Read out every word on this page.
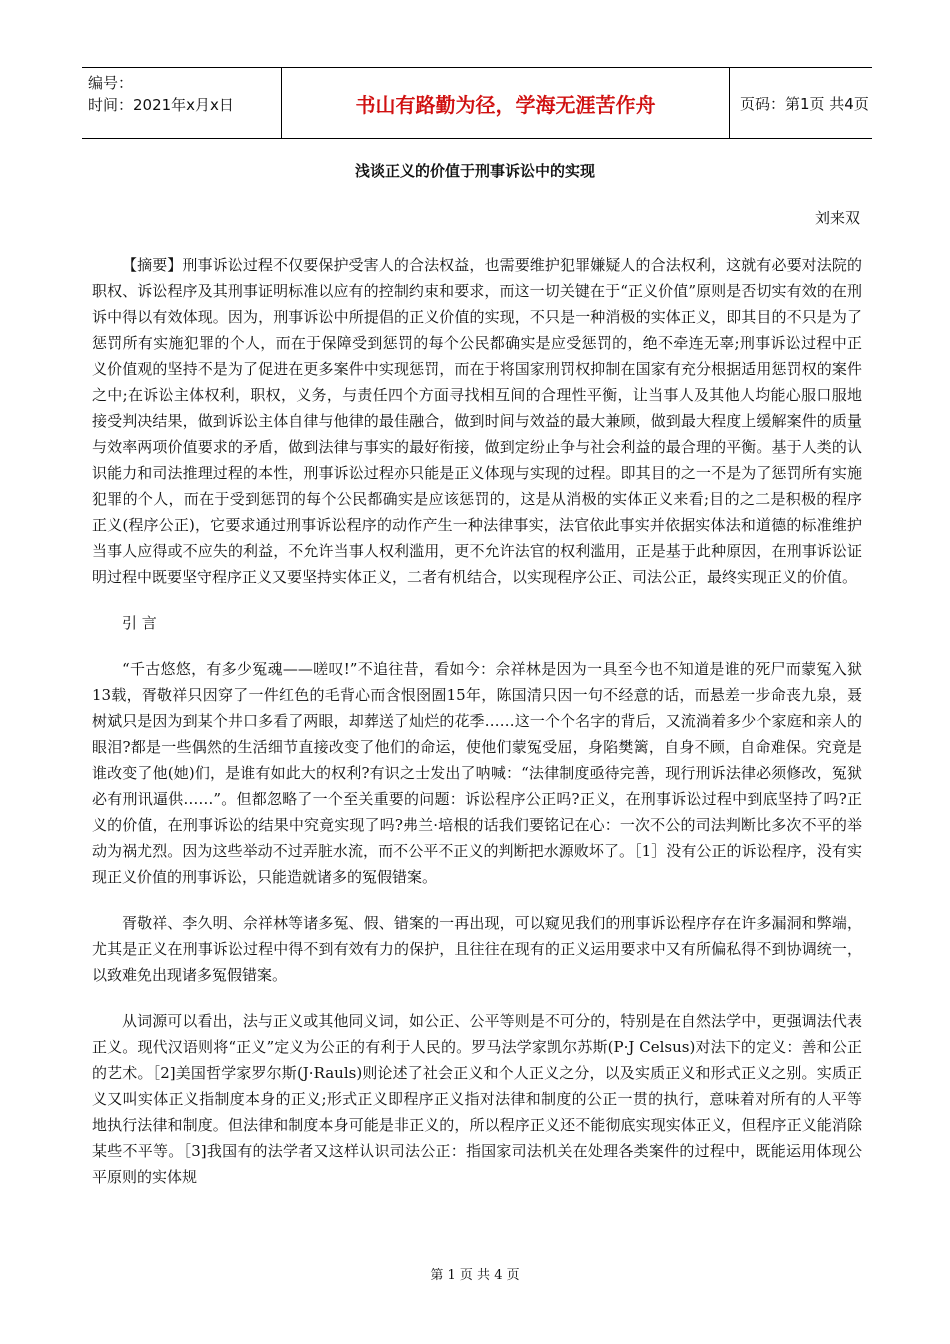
编号：
时间：2021年x月x日	书山有路勤为径，学海无涯苦作舟	页码：第1页 共4页
浅谈正义的价值于刑事诉讼中的实现
刘来双

【摘要】刑事诉讼过程不仅要保护受害人的合法权益，也需要维护犯罪嫌疑人的合法权利，这就有必要对法院的职权、诉讼程序及其刑事证明标准以应有的控制约束和要求，而这一切关键在于“正义价值”原则是否切实有效的在刑诉中得以有效体现。因为，刑事诉讼中所提倡的正义价值的实现，不只是一种消极的实体正义，即其目的不只是为了惩罚所有实施犯罪的个人，而在于保障受到惩罚的每个公民都确实是应受惩罚的，绝不牵连无辜;刑事诉讼过程中正义价值观的坚持不是为了促进在更多案件中实现惩罚，而在于将国家刑罚权抑制在国家有充分根据适用惩罚权的案件之中;在诉讼主体权利，职权，义务，与责任四个方面寻找相互间的合理性平衡，让当事人及其他人均能心服口服地接受判决结果，做到诉讼主体自律与他律的最佳融合，做到时间与效益的最大兼顾，做到最大程度上缓解案件的质量与效率两项价值要求的矛盾，做到法律与事实的最好衔接，做到定纷止争与社会利益的最合理的平衡。基于人类的认识能力和司法推理过程的本性，刑事诉讼过程亦只能是正义体现与实现的过程。即其目的之一不是为了惩罚所有实施犯罪的个人，而在于受到惩罚的每个公民都确实是应该惩罚的，这是从消极的实体正义来看;目的之二是积极的程序正义(程序公正)，它要求通过刑事诉讼程序的动作产生一种法律事实，法官依此事实并依据实体法和道德的标准维护当事人应得或不应失的利益，不允许当事人权利滥用，更不允许法官的权利滥用，正是基于此种原因，在刑事诉讼证明过程中既要坚守程序正义又要坚持实体正义，二者有机结合，以实现程序公正、司法公正，最终实现正义的价值。

引 言

“千古悠悠，有多少冤魂——嗟叹!”不追往昔，看如今：佘祥林是因为一具至今也不知道是谁的死尸而蒙冤入狱13载，胥敬祥只因穿了一件红色的毛背心而含恨囹圄15年，陈国清只因一句不经意的话，而悬差一步命丧九泉，聂树斌只是因为到某个井口多看了两眼，却葬送了灿烂的花季……这一个个名字的背后，又流淌着多少个家庭和亲人的眼泪?都是一些偶然的生活细节直接改变了他们的命运，使他们蒙冤受屈，身陷樊篱，自身不顾，自命难保。究竟是谁改变了他(她)们，是谁有如此大的权利?有识之士发出了呐喊：“法律制度亟待完善，现行刑诉法律必须修改，冤狱必有刑讯逼供……”。但都忽略了一个至关重要的问题：诉讼程序公正吗?正义，在刑事诉讼过程中到底坚持了吗?正义的价值，在刑事诉讼的结果中究竟实现了吗?弗兰·培根的话我们要铭记在心：一次不公的司法判断比多次不平的举动为祸尤烈。因为这些举动不过弄脏水流，而不公平不正义的判断把水源败坏了。［1］没有公正的诉讼程序，没有实现正义价值的刑事诉讼，只能造就诸多的冤假错案。

胥敬祥、李久明、佘祥林等诸多冤、假、错案的一再出现，可以窥见我们的刑事诉讼程序存在许多漏洞和弊端，尤其是正义在刑事诉讼过程中得不到有效有力的保护，且往往在现有的正义运用要求中又有所偏私得不到协调统一，以致难免出现诸多冤假错案。

从词源可以看出，法与正义或其他同义词，如公正、公平等则是不可分的，特别是在自然法学中，更强调法代表正义。现代汉语则将“正义”定义为公正的有利于人民的。罗马法学家凯尔苏斯(P·J Celsus)对法下的定义：善和公正的艺术。［2]美国哲学家罗尔斯(J·Rauls)则论述了社会正义和个人正义之分，以及实质正义和形式正义之别。实质正义又叫实体正义指制度本身的正义;形式正义即程序正义指对法律和制度的公正一贯的执行，意味着对所有的人平等地执行法律和制度。但法律和制度本身可能是非正义的，所以程序正义还不能彻底实现实体正义，但程序正义能消除某些不平等。［3]我国有的法学者又这样认识司法公正：指国家司法机关在处理各类案件的过程中，既能运用体现公平原则的实体规

第 1 页 共 4 页
